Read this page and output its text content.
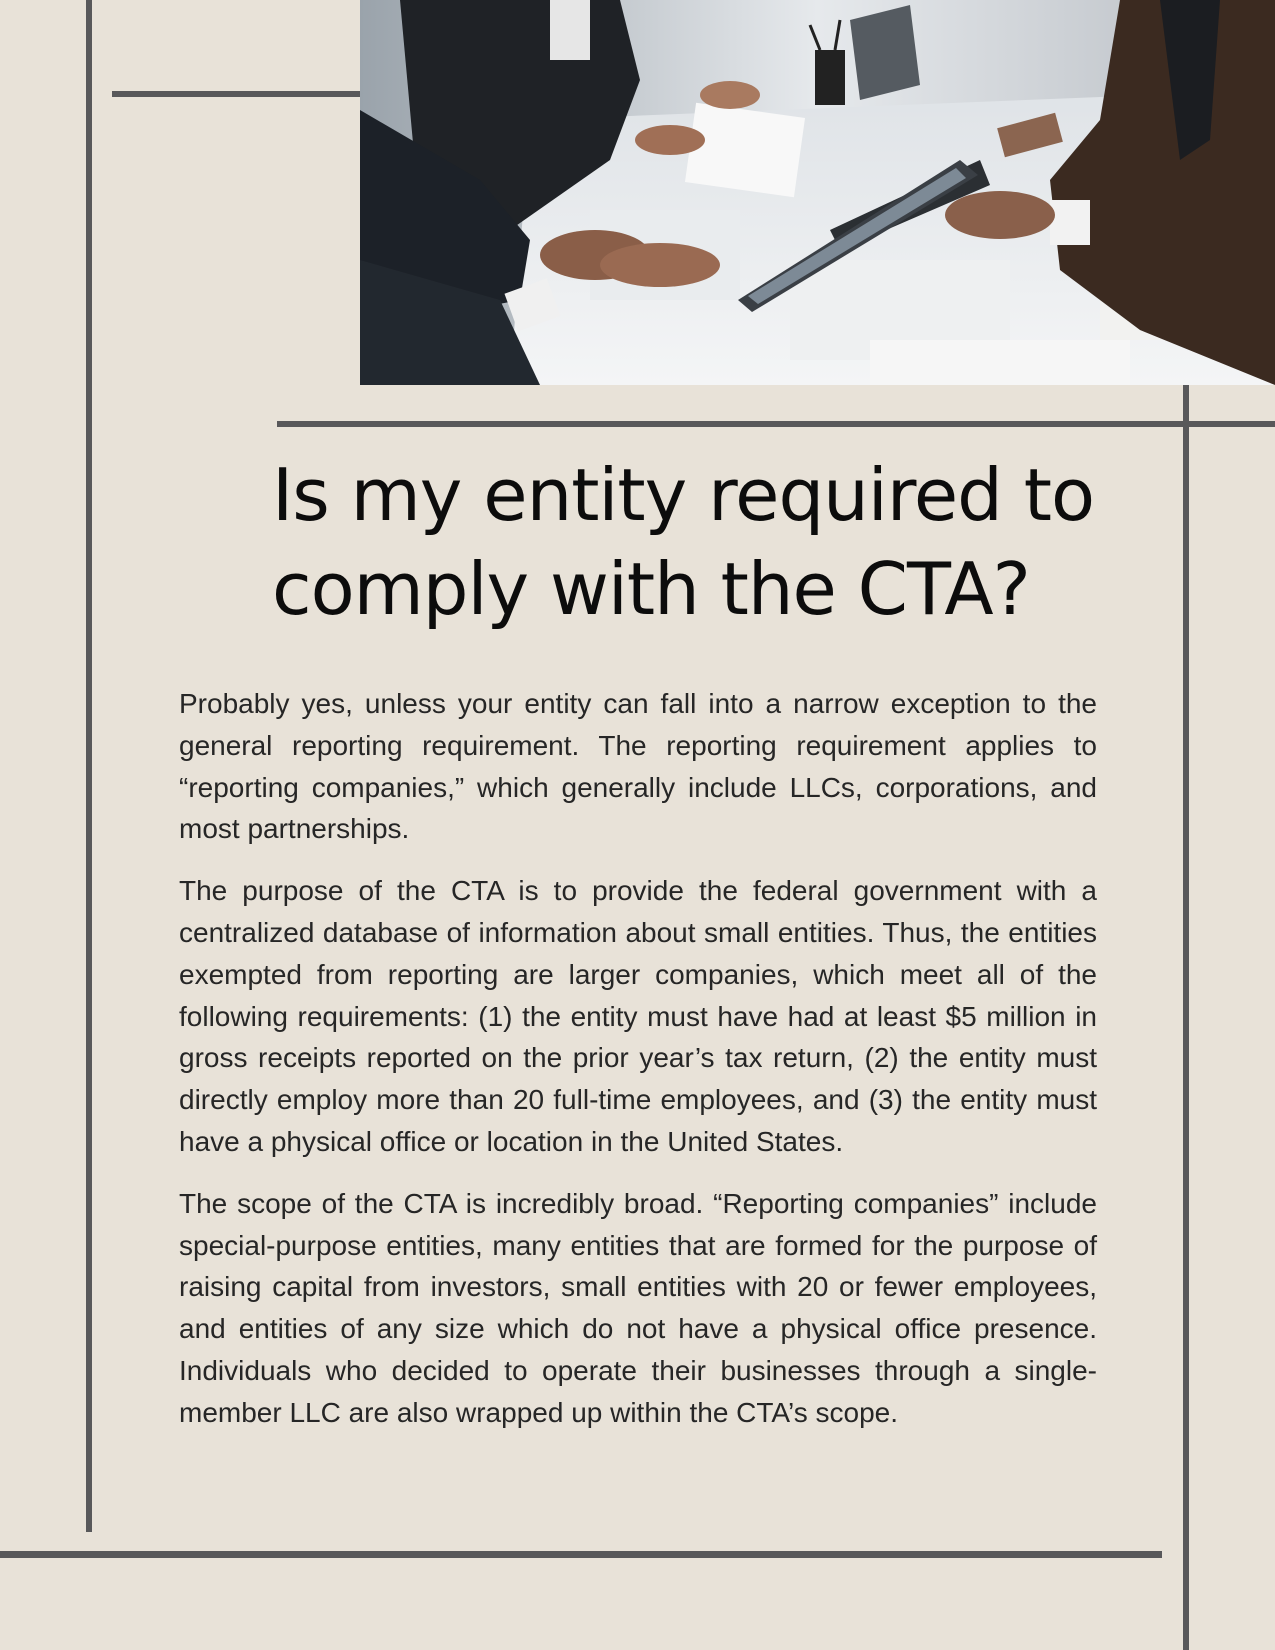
Is my entity required to comply with the CTA?

Probably yes, unless your entity can fall into a narrow exception to the general reporting requirement. The reporting requirement applies to “reporting companies,” which generally include LLCs, corporations, and most partnerships.

The purpose of the CTA is to provide the federal government with a centralized database of information about small entities. Thus, the entities exempted from reporting are larger companies, which meet all of the following requirements: (1) the entity must have had at least $5 million in gross receipts reported on the prior year’s tax return, (2) the entity must directly employ more than 20 full-time employees, and (3) the entity must have a physical office or location in the United States.

The scope of the CTA is incredibly broad. “Reporting companies” include special-purpose entities, many entities that are formed for the purpose of raising capital from investors, small entities with 20 or fewer employees, and entities of any size which do not have a physical office presence. Individuals who decided to operate their businesses through a single-member LLC are also wrapped up within the CTA’s scope.
